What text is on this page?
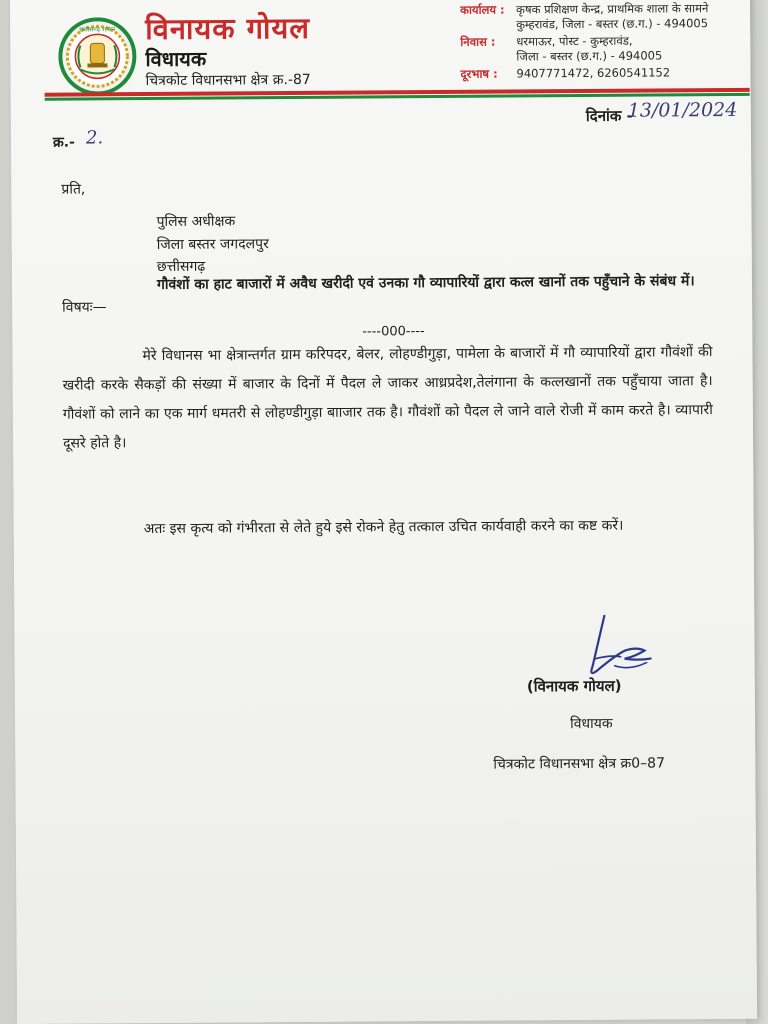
छत्तीसगढ़ शासन विनायक गोयल
विधायक
चित्रकोट विधानसभा क्षेत्र क्र.-87
कार्यालय : कृषक प्रशिक्षण केन्द्र, प्राथमिक शाला के सामने
कुम्हरावंड, जिला - बस्तर (छ.ग.) - 494005
निवास : धरमाऊर, पोस्ट - कुम्हरावंड,
जिला - बस्तर (छ.ग.) - 494005
दूरभाष : 9407771472, 6260541152
दिनांक -
13/01/2024
क्र.- 2.
प्रति,
पुलिस अधीक्षक
जिला बस्तर जगदलपुर
छत्तीसगढ़
विषयः—
गौवंशों का हाट बाजारों में अवैध खरीदी एवं उनका गौ व्यापारियों द्वारा कत्ल खानों तक पहुँचाने के संबंध में।
----000----
मेरे विधानस भा क्षेत्रान्तर्गत ग्राम करिपदर, बेलर, लोहण्डीगुड़ा, पामेला के बाजारों में गौ व्यापारियों द्वारा गौवंशों की खरीदी करके सैकड़ों की संख्या में बाजार के दिनों में पैदल ले जाकर आध्रप्रदेश,तेलंगाना के कत्लखानों तक पहुँचाया जाता है। गौवंशों को लाने का एक मार्ग धमतरी से लोहण्डीगुड़ा बााजार तक है। गौवंशों को पैदल ले जाने वाले रोजी में काम करते है। व्यापारी दूसरे होते है।
अतः इस कृत्य को गंभीरता से लेते हुये इसे रोकने हेतु तत्काल उचित कार्यवाही करने का कष्ट करें।
(विनायक गोयल)
विधायक
चित्रकोट विधानसभा क्षेत्र क्र0–87
